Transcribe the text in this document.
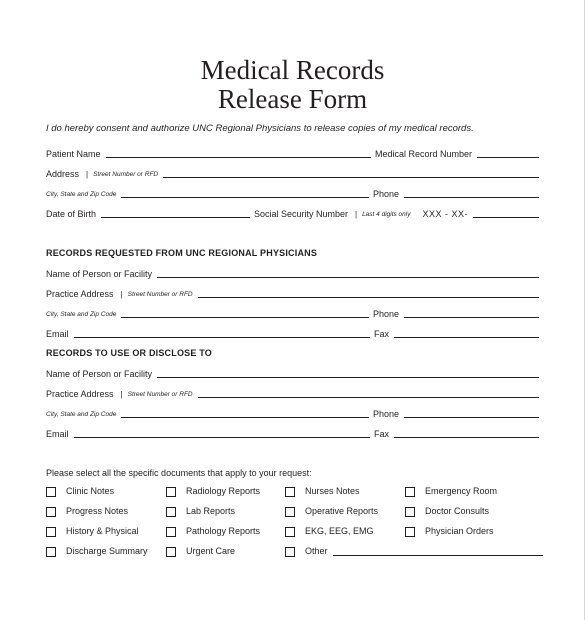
Medical Records
Release Form
I do hereby consent and authorize UNC Regional Physicians to release copies of my medical records.
Patient Name	Medical Record Number
Address | Street Number or RFD
City, State and Zip Code	Phone
Date of Birth	Social Security Number | Last 4 digits only XXX - XX-
RECORDS REQUESTED FROM UNC REGIONAL PHYSICIANS
Name of Person or Facility
Practice Address | Street Number or RFD
City, State and Zip Code	Phone
Email	Fax
RECORDS TO USE OR DISCLOSE TO
Name of Person or Facility
Practice Address | Street Number or RFD
City, State and Zip Code	Phone
Email	Fax
Please select all the specific documents that apply to your request:
Clinic Notes	Radiology Reports	Nurses Notes	Emergency Room
Progress Notes	Lab Reports	Operative Reports	Doctor Consults
History & Physical	Pathology Reports	EKG, EEG, EMG	Physician Orders
Discharge Summary	Urgent Care	Other
